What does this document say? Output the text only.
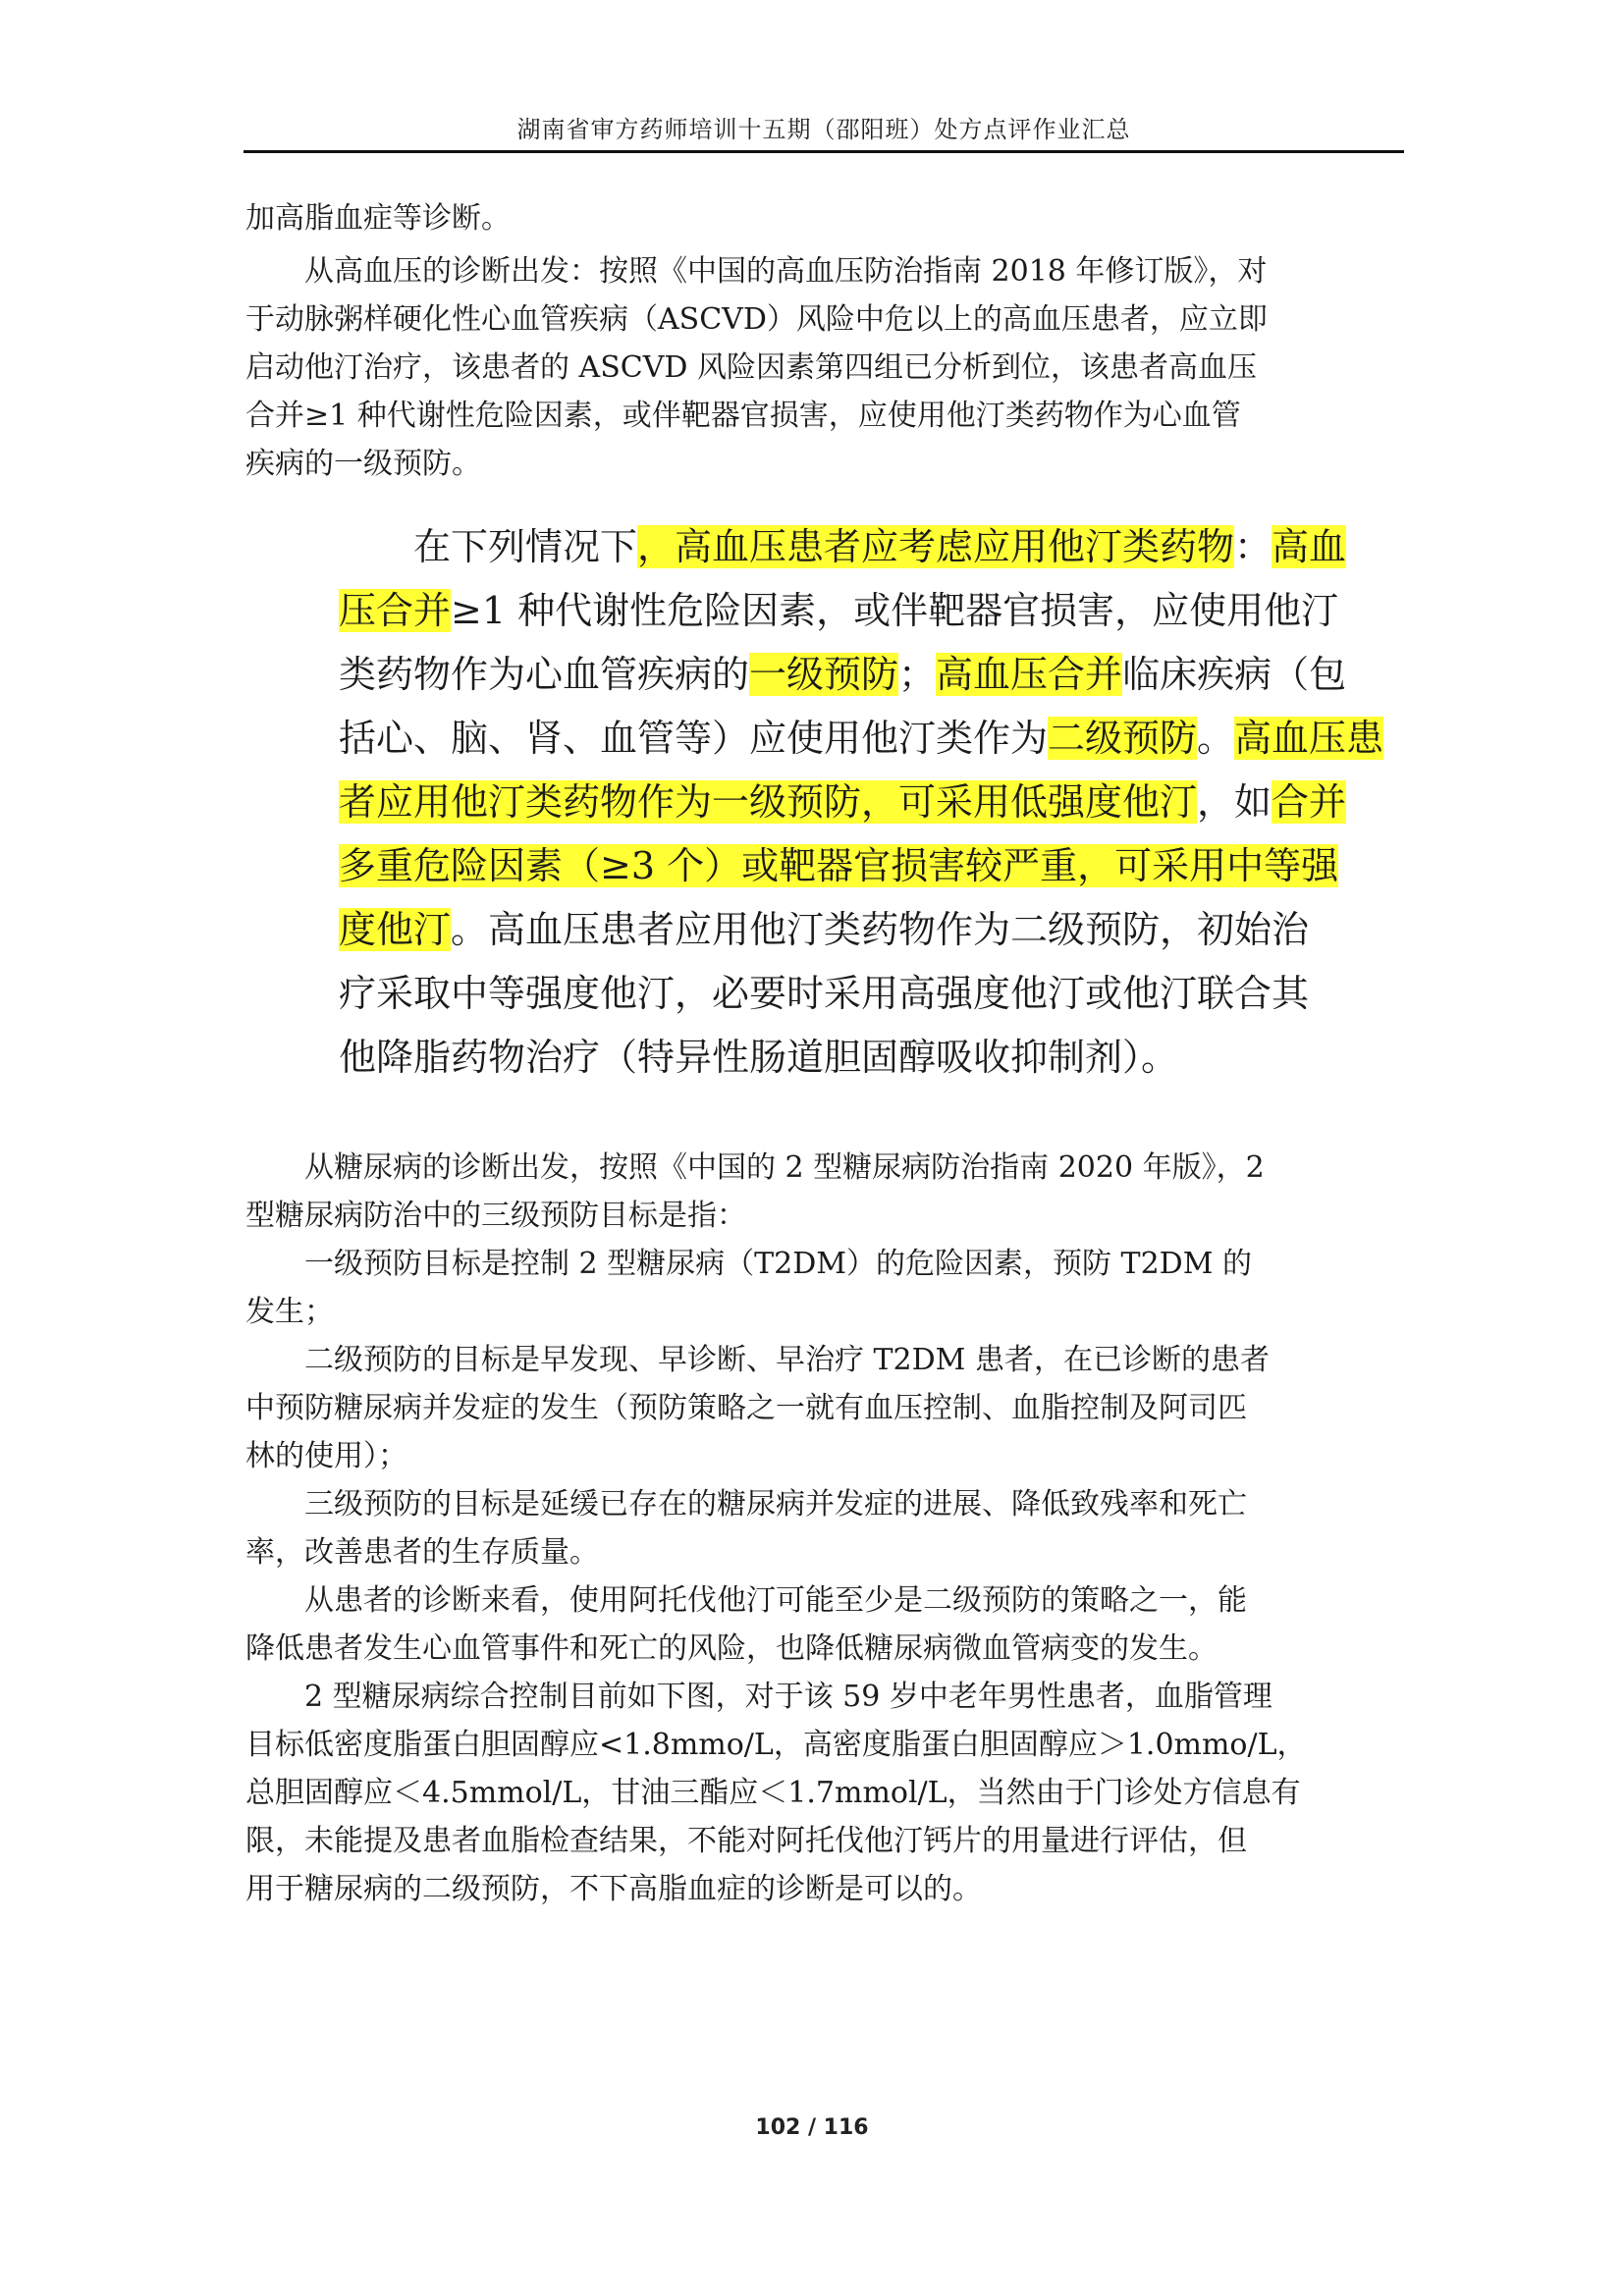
湖南省审方药师培训十五期（邵阳班）处方点评作业汇总
加高脂血症等诊断。
　　从高血压的诊断出发：按照《中国的高血压防治指南 2018 年修订版》，对
于动脉粥样硬化性心血管疾病（ASCVD）风险中危以上的高血压患者，应立即
启动他汀治疗，该患者的 ASCVD 风险因素第四组已分析到位，该患者高血压
合并≥1 种代谢性危险因素，或伴靶器官损害，应使用他汀类药物作为心血管
疾病的一级预防。
在下列情况下，高血压患者应考虑应用他汀类药物：高血
压合并≥1 种代谢性危险因素，或伴靶器官损害，应使用他汀
类药物作为心血管疾病的一级预防；高血压合并临床疾病（包
括心、脑、肾、血管等）应使用他汀类作为二级预防。高血压患
者应用他汀类药物作为一级预防，可采用低强度他汀，如合并
多重危险因素（≥3 个）或靶器官损害较严重，可采用中等强
度他汀。高血压患者应用他汀类药物作为二级预防，初始治
疗采取中等强度他汀，必要时采用高强度他汀或他汀联合其
他降脂药物治疗（特异性肠道胆固醇吸收抑制剂）。
　　从糖尿病的诊断出发，按照《中国的 2 型糖尿病防治指南 2020 年版》，2
型糖尿病防治中的三级预防目标是指：
　　一级预防目标是控制 2 型糖尿病（T2DM）的危险因素，预防 T2DM 的
发生；
　　二级预防的目标是早发现、早诊断、早治疗 T2DM 患者，在已诊断的患者
中预防糖尿病并发症的发生（预防策略之一就有血压控制、血脂控制及阿司匹
林的使用）；
　　三级预防的目标是延缓已存在的糖尿病并发症的进展、降低致残率和死亡
率，改善患者的生存质量。
　　从患者的诊断来看，使用阿托伐他汀可能至少是二级预防的策略之一，能
降低患者发生心血管事件和死亡的风险，也降低糖尿病微血管病变的发生。
　　2 型糖尿病综合控制目前如下图，对于该 59 岁中老年男性患者，血脂管理
目标低密度脂蛋白胆固醇应<1.8mmo/L，高密度脂蛋白胆固醇应＞1.0mmo/L，
总胆固醇应＜4.5mmol/L，甘油三酯应＜1.7mmol/L，当然由于门诊处方信息有
限，未能提及患者血脂检查结果，不能对阿托伐他汀钙片的用量进行评估，但
用于糖尿病的二级预防，不下高脂血症的诊断是可以的。
102 / 116
